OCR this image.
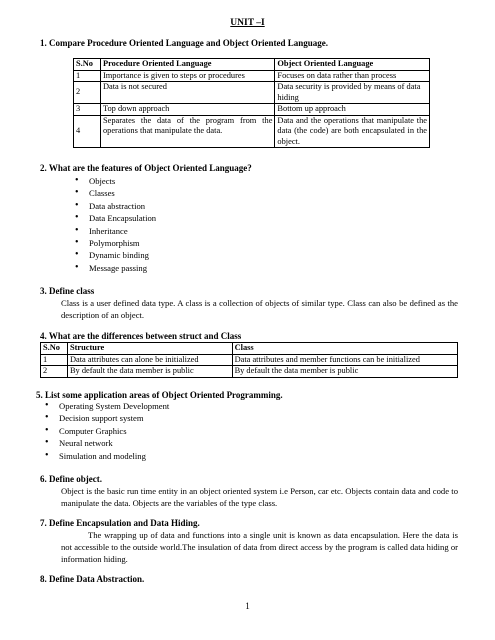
UNIT –I
1. Compare Procedure Oriented Language and Object Oriented Language.
S.No	Procedure Oriented Language	Object Oriented Language
1	Importance is given to steps or procedures	Focuses on data rather than process
2	Data is not secured	Data security is provided by means of data hiding
3	Top down approach	Bottom up approach
4	Separates the data of the program from the operations that manipulate the data.	Data and the operations that manipulate the data (the code) are both encapsulated in the object.
2. What are the features of Object Oriented Language?
• Objects
• Classes
• Data abstraction
• Data Encapsulation
• Inheritance
• Polymorphism
• Dynamic binding
• Message passing
3. Define class
Class is a user defined data type. A class is a collection of objects of similar type. Class can also be defined as the description of an object.
4. What are the differences between struct and Class
S.No	Structure	Class
1	Data attributes can alone be initialized	Data attributes and member functions can be initialized
2	By default the data member is public	By default the data member is public
5. List some application areas of Object Oriented Programming.
• Operating System Development
• Decision support system
• Computer Graphics
• Neural network
• Simulation and modeling
6. Define object.
Object is the basic run time entity in an object oriented system i.e Person, car etc. Objects contain data and code to manipulate the data. Objects are the variables of the type class.
7. Define Encapsulation and Data Hiding.
The wrapping up of data and functions into a single unit is known as data encapsulation. Here the data is not accessible to the outside world.The insulation of data from direct access by the program is called data hiding or information hiding.
8. Define Data Abstraction.
1
